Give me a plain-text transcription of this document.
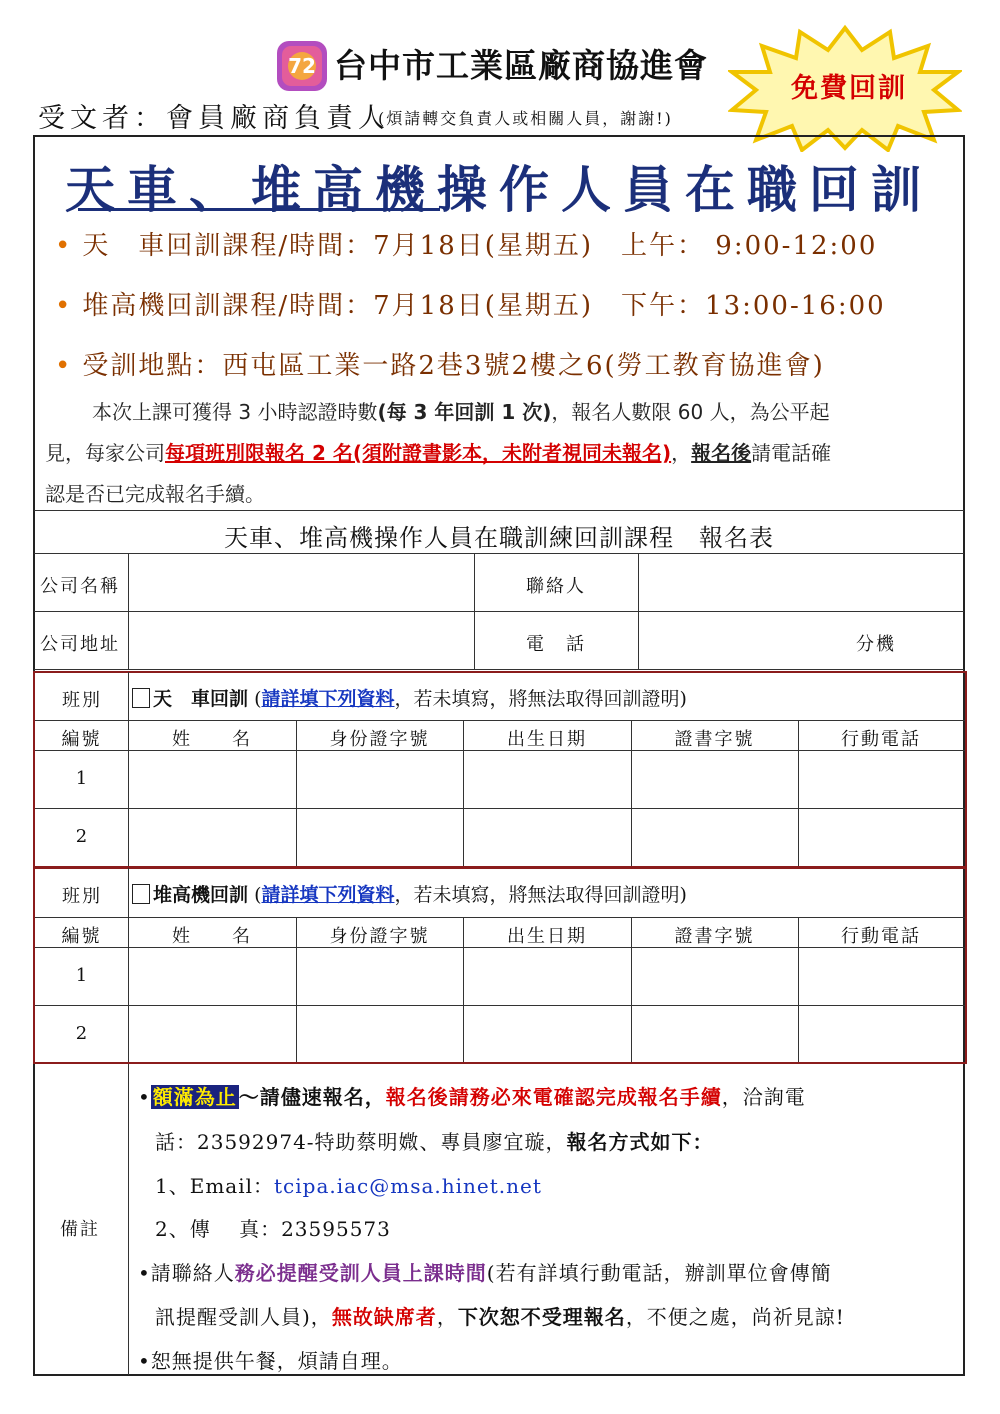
72 台中市工業區廠商協進會
受文者：會員廠商負責人
(煩請轉交負責人或相關人員，謝謝!)
免費回訓
天車、堆高機操作人員在職回訓
• 天　車回訓課程/時間：7月18日(星期五)　上午： 9:00-12:00
• 堆高機回訓課程/時間：7月18日(星期五)　下午：13:00-16:00
• 受訓地點：西屯區工業一路2巷3號2樓之6(勞工教育協進會)
本次上課可獲得 3 小時認證時數(每 3 年回訓 1 次)，報名人數限 60 人，為公平起
見，每家公司每項班別限報名 2 名(須附證書影本，未附者視同未報名)，報名後請電話確
認是否已完成報名手續。
天車、堆高機操作人員在職訓練回訓課程　報名表
公司名稱	聯絡人
公司地址	電　話	分機
班別	天　車回訓 (請詳填下列資料，若未填寫，將無法取得回訓證明)
編號	姓　　名	身份證字號	出生日期	證書字號	行動電話
1
2
班別	堆高機回訓 (請詳填下列資料，若未填寫，將無法取得回訓證明)
編號	姓　　名	身份證字號	出生日期	證書字號	行動電話
1
2
備註
• 額滿為止 ～請儘速報名，報名後請務必來電確認完成報名手續，洽詢電
話：23592974-特助蔡明媺、專員廖宜璇，報名方式如下：
1、Email：tcipa.iac@msa.hinet.net
2、傳　 真：23595573
•請聯絡人務必提醒受訓人員上課時間(若有詳填行動電話，辦訓單位會傳簡
訊提醒受訓人員)，無故缺席者，下次恕不受理報名，不便之處，尚祈見諒!
•恕無提供午餐，煩請自理。
